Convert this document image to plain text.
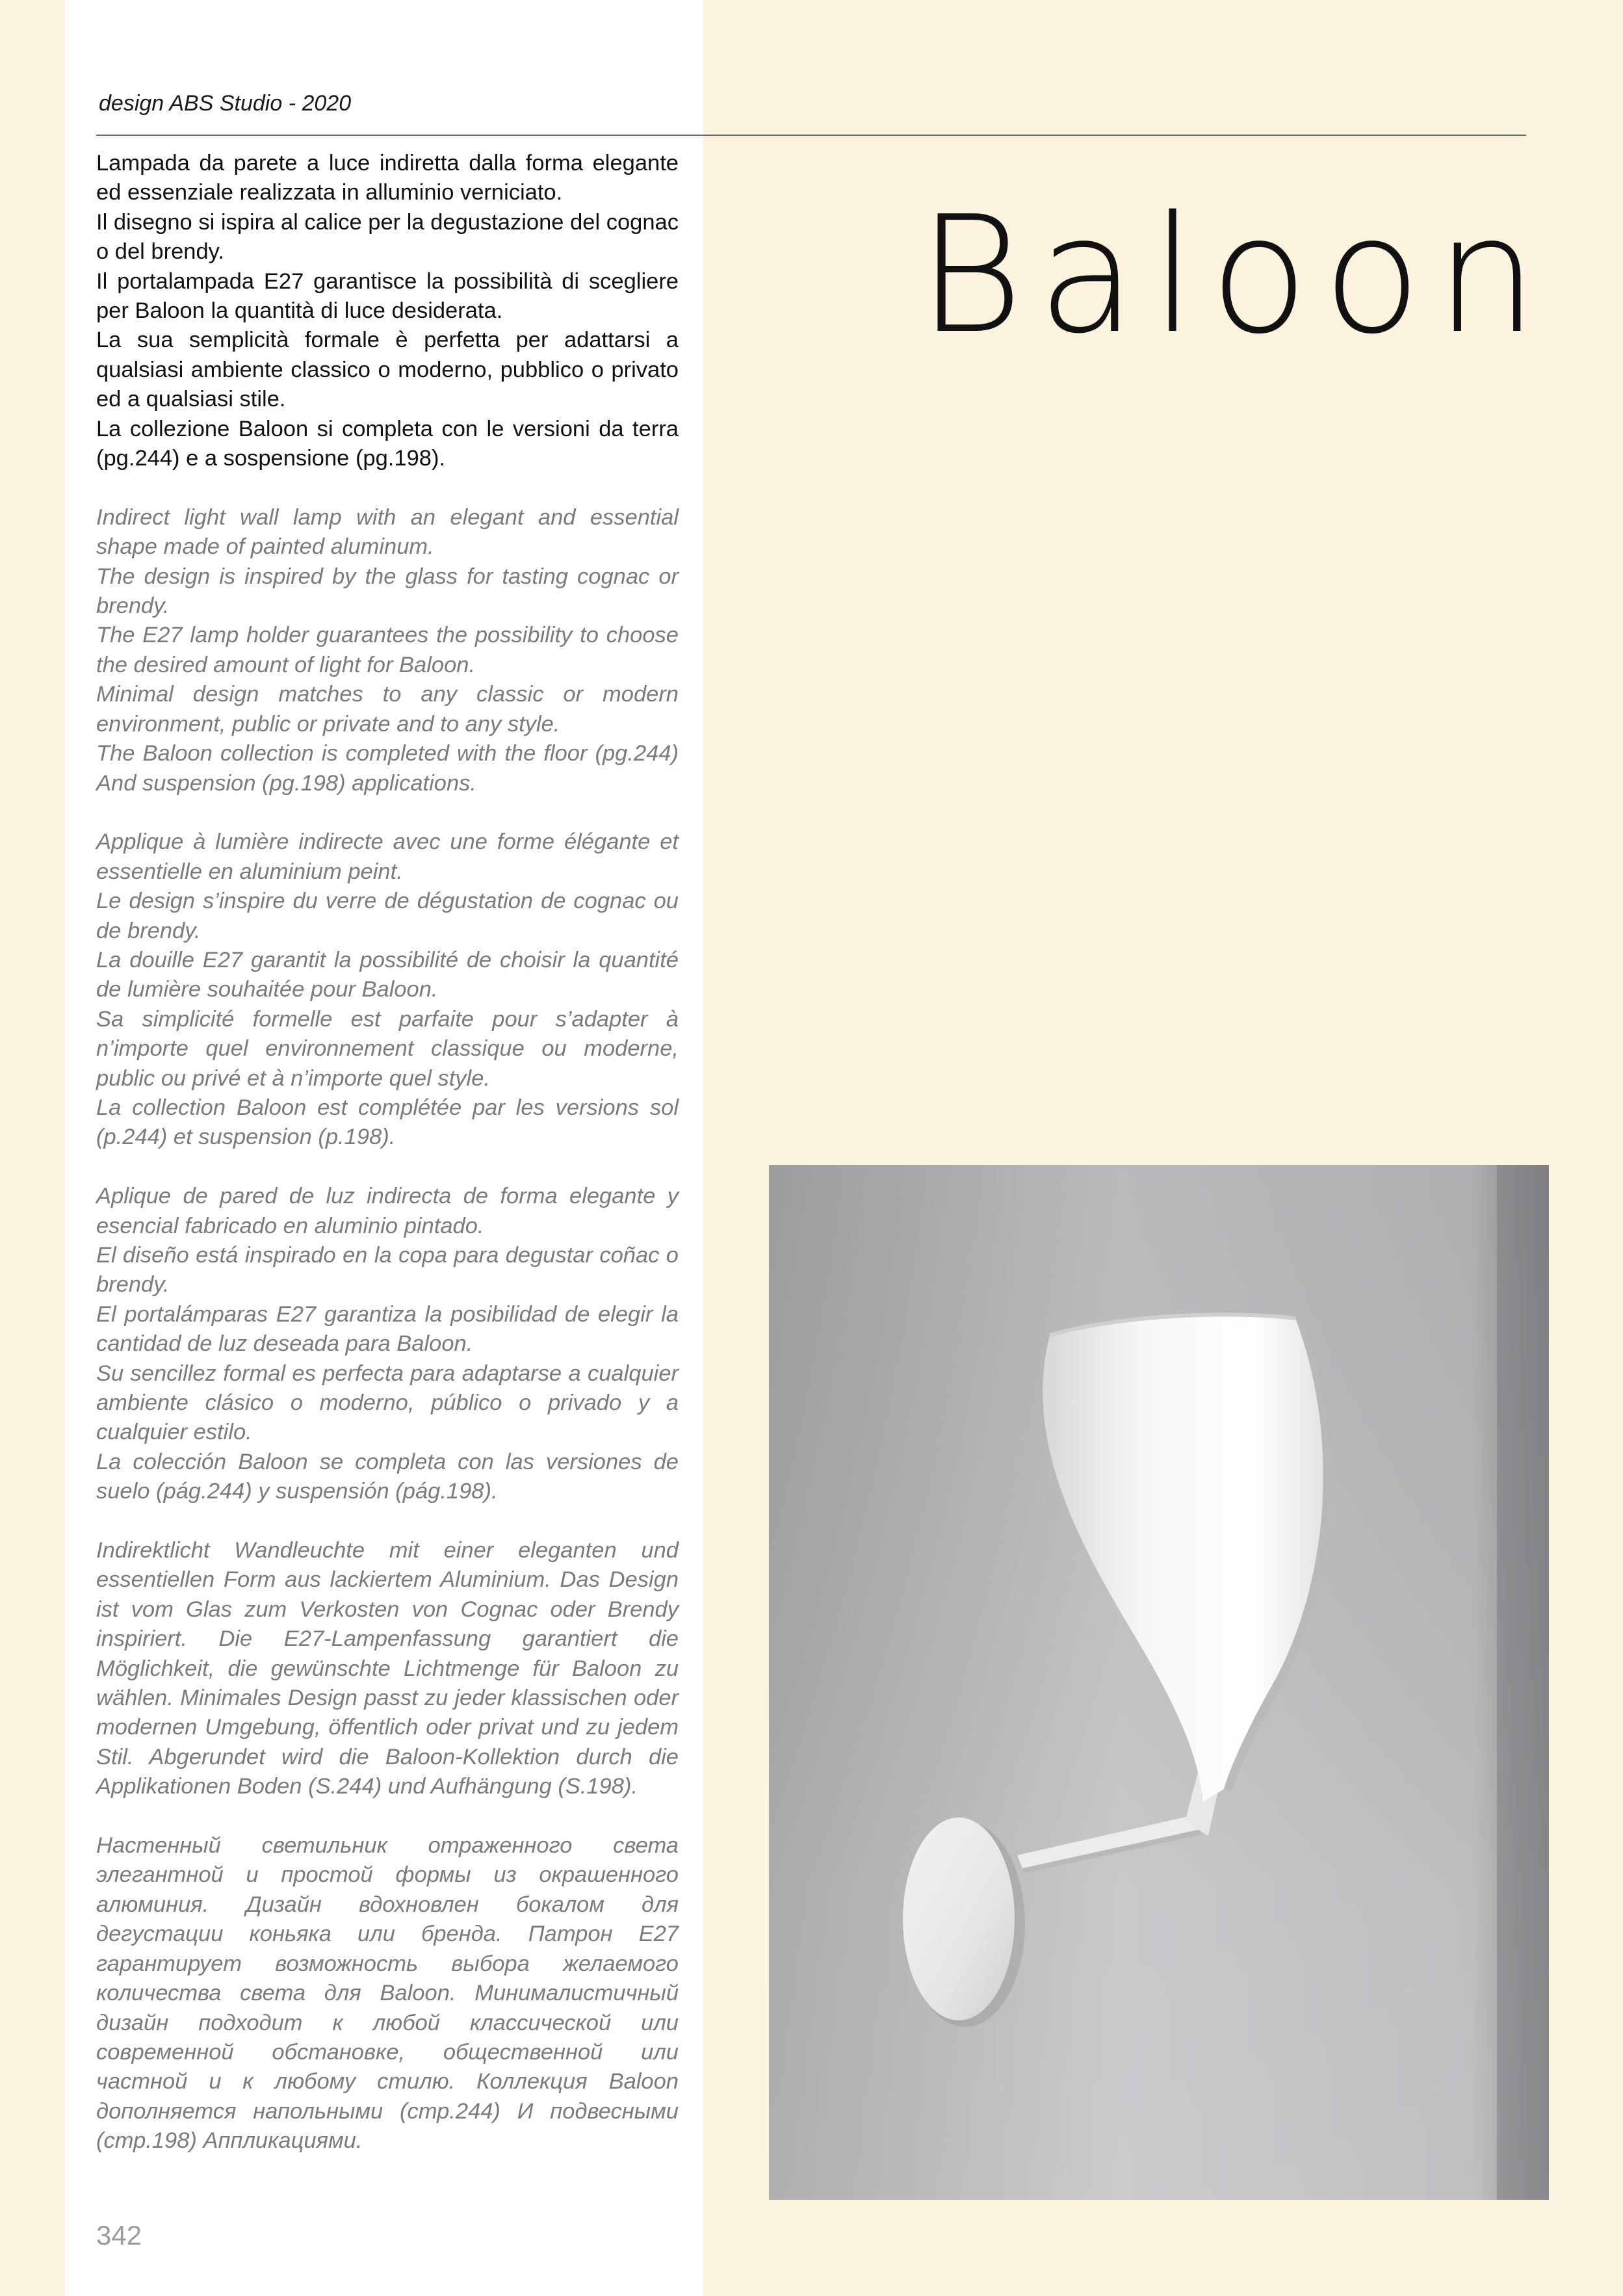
design ABS Studio - 2020

Lampada da parete a luce indiretta dalla forma elegante ed essenziale realizzata in alluminio verniciato.
Il disegno si ispira al calice per la degustazione del cognac o del brendy.
Il portalampada E27 garantisce la possibilità di scegliere per Baloon la quantità di luce desiderata.
La sua semplicità formale è perfetta per adattarsi a qualsiasi ambiente classico o moderno, pubblico o privato ed a qualsiasi stile.
La collezione Baloon si completa con le versioni da terra (pg.244) e a sospensione (pg.198).

Indirect light wall lamp with an elegant and essential shape made of painted aluminum.
The design is inspired by the glass for tasting cognac or brendy.
The E27 lamp holder guarantees the possibility to choose the desired amount of light for Baloon.
Minimal design matches to any classic or modern environment, public or private and to any style.
The Baloon collection is completed with the floor (pg.244) And suspension (pg.198) applications.

Applique à lumière indirecte avec une forme élégante et essentielle en aluminium peint.
Le design s’inspire du verre de dégustation de cognac ou de brendy.
La douille E27 garantit la possibilité de choisir la quantité de lumière souhaitée pour Baloon.
Sa simplicité formelle est parfaite pour s’adapter à n’importe quel environnement classique ou moderne, public ou privé et à n’importe quel style.
La collection Baloon est complétée par les versions sol (p.244) et suspension (p.198).

Aplique de pared de luz indirecta de forma elegante y esencial fabricado en aluminio pintado.
El diseño está inspirado en la copa para degustar coñac o brendy.
El portalámparas E27 garantiza la posibilidad de elegir la cantidad de luz deseada para Baloon.
Su sencillez formal es perfecta para adaptarse a cualquier ambiente clásico o moderno, público o privado y a cualquier estilo.
La colección Baloon se completa con las versiones de suelo (pág.244) y suspensión (pág.198).

Indirektlicht Wandleuchte mit einer eleganten und essentiellen Form aus lackiertem Aluminium. Das Design ist vom Glas zum Verkosten von Cognac oder Brendy inspiriert. Die E27-Lampenfassung garantiert die Möglichkeit, die gewünschte Lichtmenge für Baloon zu wählen. Minimales Design passt zu jeder klassischen oder modernen Umgebung, öffentlich oder privat und zu jedem Stil. Abgerundet wird die Baloon-Kollektion durch die Applikationen Boden (S.244) und Aufhängung (S.198).

Настенный светильник отраженного света элегантной и простой формы из окрашенного алюминия. Дизайн вдохновлен бокалом для дегустации коньяка или бренда. Патрон E27 гарантирует возможность выбора желаемого количества света для Baloon. Минималистичный дизайн подходит к любой классической или современной обстановке, общественной или частной и к любому стилю. Коллекция Baloon дополняется напольными (стр.244) И подвесными (стр.198) Аппликациями.

Baloon
342
